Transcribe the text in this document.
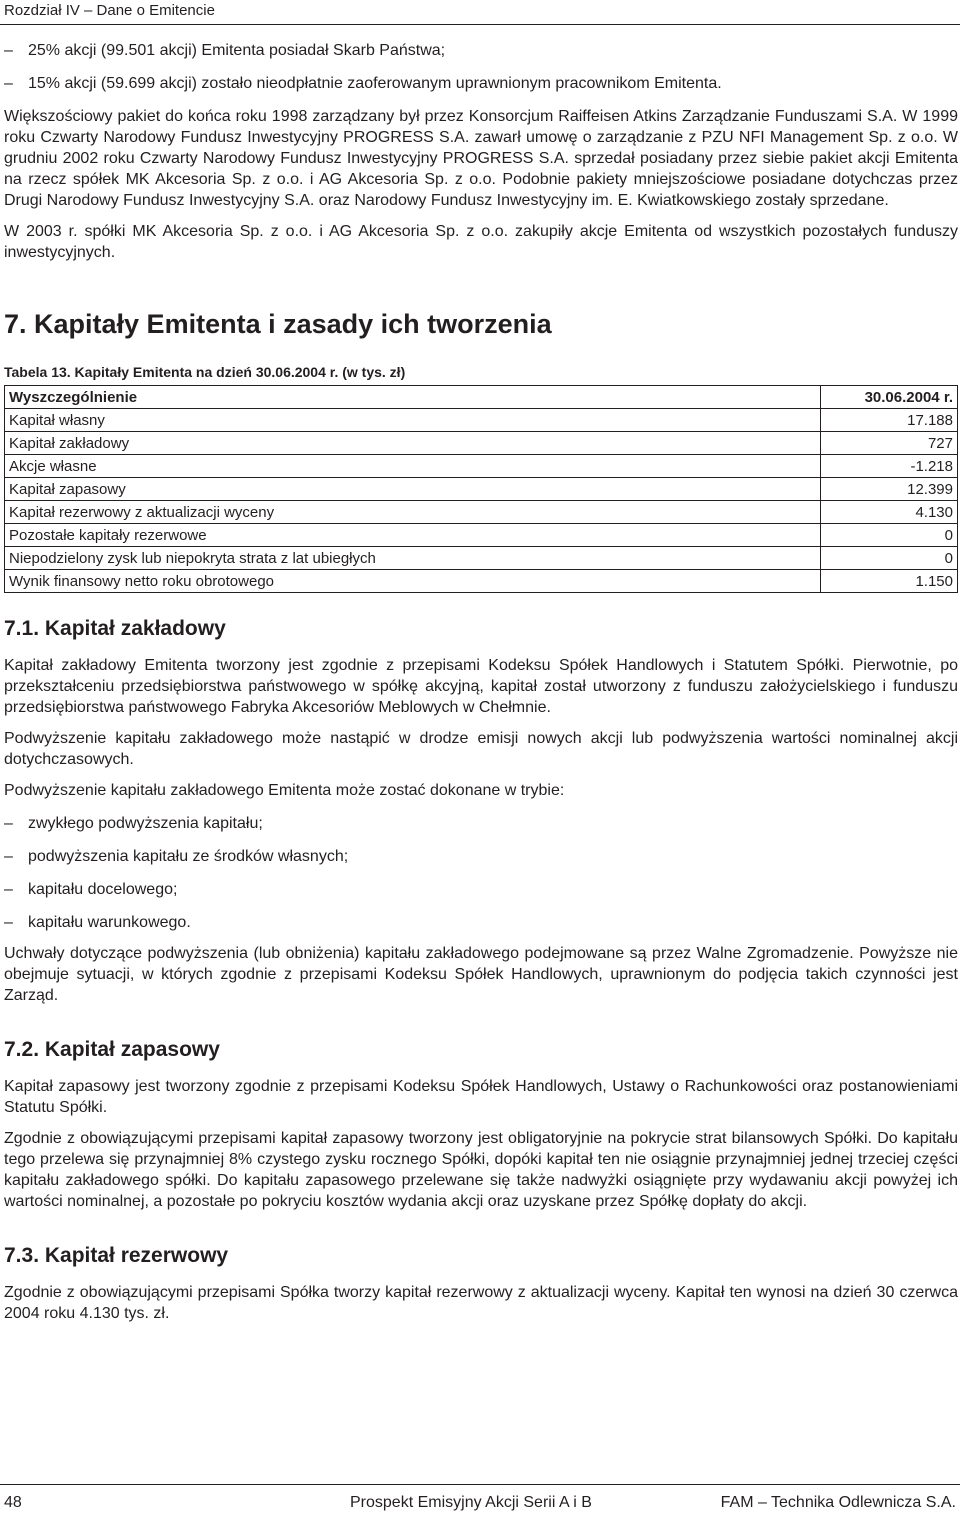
Rozdział IV – Dane o Emitencie
– 25% akcji (99.501 akcji) Emitenta posiadał Skarb Państwa;
– 15% akcji (59.699 akcji) zostało nieodpłatnie zaoferowanym uprawnionym pracownikom Emitenta.

Większościowy pakiet do końca roku 1998 zarządzany był przez Konsorcjum Raiffeisen Atkins Zarządzanie Funduszami S.A. W 1999 roku Czwarty Narodowy Fundusz Inwestycyjny PROGRESS S.A. zawarł umowę o zarządzanie z PZU NFI Management Sp. z o.o. W grudniu 2002 roku Czwarty Narodowy Fundusz Inwestycyjny PROGRESS S.A. sprzedał posiadany przez siebie pakiet akcji Emitenta na rzecz spółek MK Akcesoria Sp. z o.o. i AG Akcesoria Sp. z o.o. Podobnie pakiety mniejszościowe posiadane dotychczas przez Drugi Narodowy Fundusz Inwestycyjny S.A. oraz Narodowy Fundusz Inwestycyjny im. E. Kwiatkowskiego zostały sprzedane.

W 2003 r. spółki MK Akcesoria Sp. z o.o. i AG Akcesoria Sp. z o.o. zakupiły akcje Emitenta od wszystkich pozostałych funduszy inwestycyjnych.

7. Kapitały Emitenta i zasady ich tworzenia

Tabela 13. Kapitały Emitenta na dzień 30.06.2004 r. (w tys. zł)

Wyszczególnienie	30.06.2004 r.
Kapitał własny	17.188
Kapitał zakładowy	727
Akcje własne	-1.218
Kapitał zapasowy	12.399
Kapitał rezerwowy z aktualizacji wyceny	4.130
Pozostałe kapitały rezerwowe	0
Niepodzielony zysk lub niepokryta strata z lat ubiegłych	0
Wynik finansowy netto roku obrotowego	1.150
7.1. Kapitał zakładowy

Kapitał zakładowy Emitenta tworzony jest zgodnie z przepisami Kodeksu Spółek Handlowych i Statutem Spółki. Pierwotnie, po przekształceniu przedsiębiorstwa państwowego w spółkę akcyjną, kapitał został utworzony z funduszu założycielskiego i funduszu przedsiębiorstwa państwowego Fabryka Akcesoriów Meblowych w Chełmnie.

Podwyższenie kapitału zakładowego może nastąpić w drodze emisji nowych akcji lub podwyższenia wartości nominalnej akcji dotychczasowych.

Podwyższenie kapitału zakładowego Emitenta może zostać dokonane w trybie:

– zwykłego podwyższenia kapitału;
– podwyższenia kapitału ze środków własnych;
– kapitału docelowego;
– kapitału warunkowego.

Uchwały dotyczące podwyższenia (lub obniżenia) kapitału zakładowego podejmowane są przez Walne Zgromadzenie. Powyższe nie obejmuje sytuacji, w których zgodnie z przepisami Kodeksu Spółek Handlowych, uprawnionym do podjęcia takich czynności jest Zarząd.

7.2. Kapitał zapasowy

Kapitał zapasowy jest tworzony zgodnie z przepisami Kodeksu Spółek Handlowych, Ustawy o Rachunkowości oraz postanowieniami Statutu Spółki.

Zgodnie z obowiązującymi przepisami kapitał zapasowy tworzony jest obligatoryjnie na pokrycie strat bilansowych Spółki. Do kapitału tego przelewa się przynajmniej 8% czystego zysku rocznego Spółki, dopóki kapitał ten nie osiągnie przynajmniej jednej trzeciej części kapitału zakładowego spółki. Do kapitału zapasowego przelewane się także nadwyżki osiągnięte przy wydawaniu akcji powyżej ich wartości nominalnej, a pozostałe po pokryciu kosztów wydania akcji oraz uzyskane przez Spółkę dopłaty do akcji.

7.3. Kapitał rezerwowy

Zgodnie z obowiązującymi przepisami Spółka tworzy kapitał rezerwowy z aktualizacji wyceny. Kapitał ten wynosi na dzień 30 czerwca 2004 roku 4.130 tys. zł.

48	Prospekt Emisyjny Akcji Serii A i B	FAM – Technika Odlewnicza S.A.
